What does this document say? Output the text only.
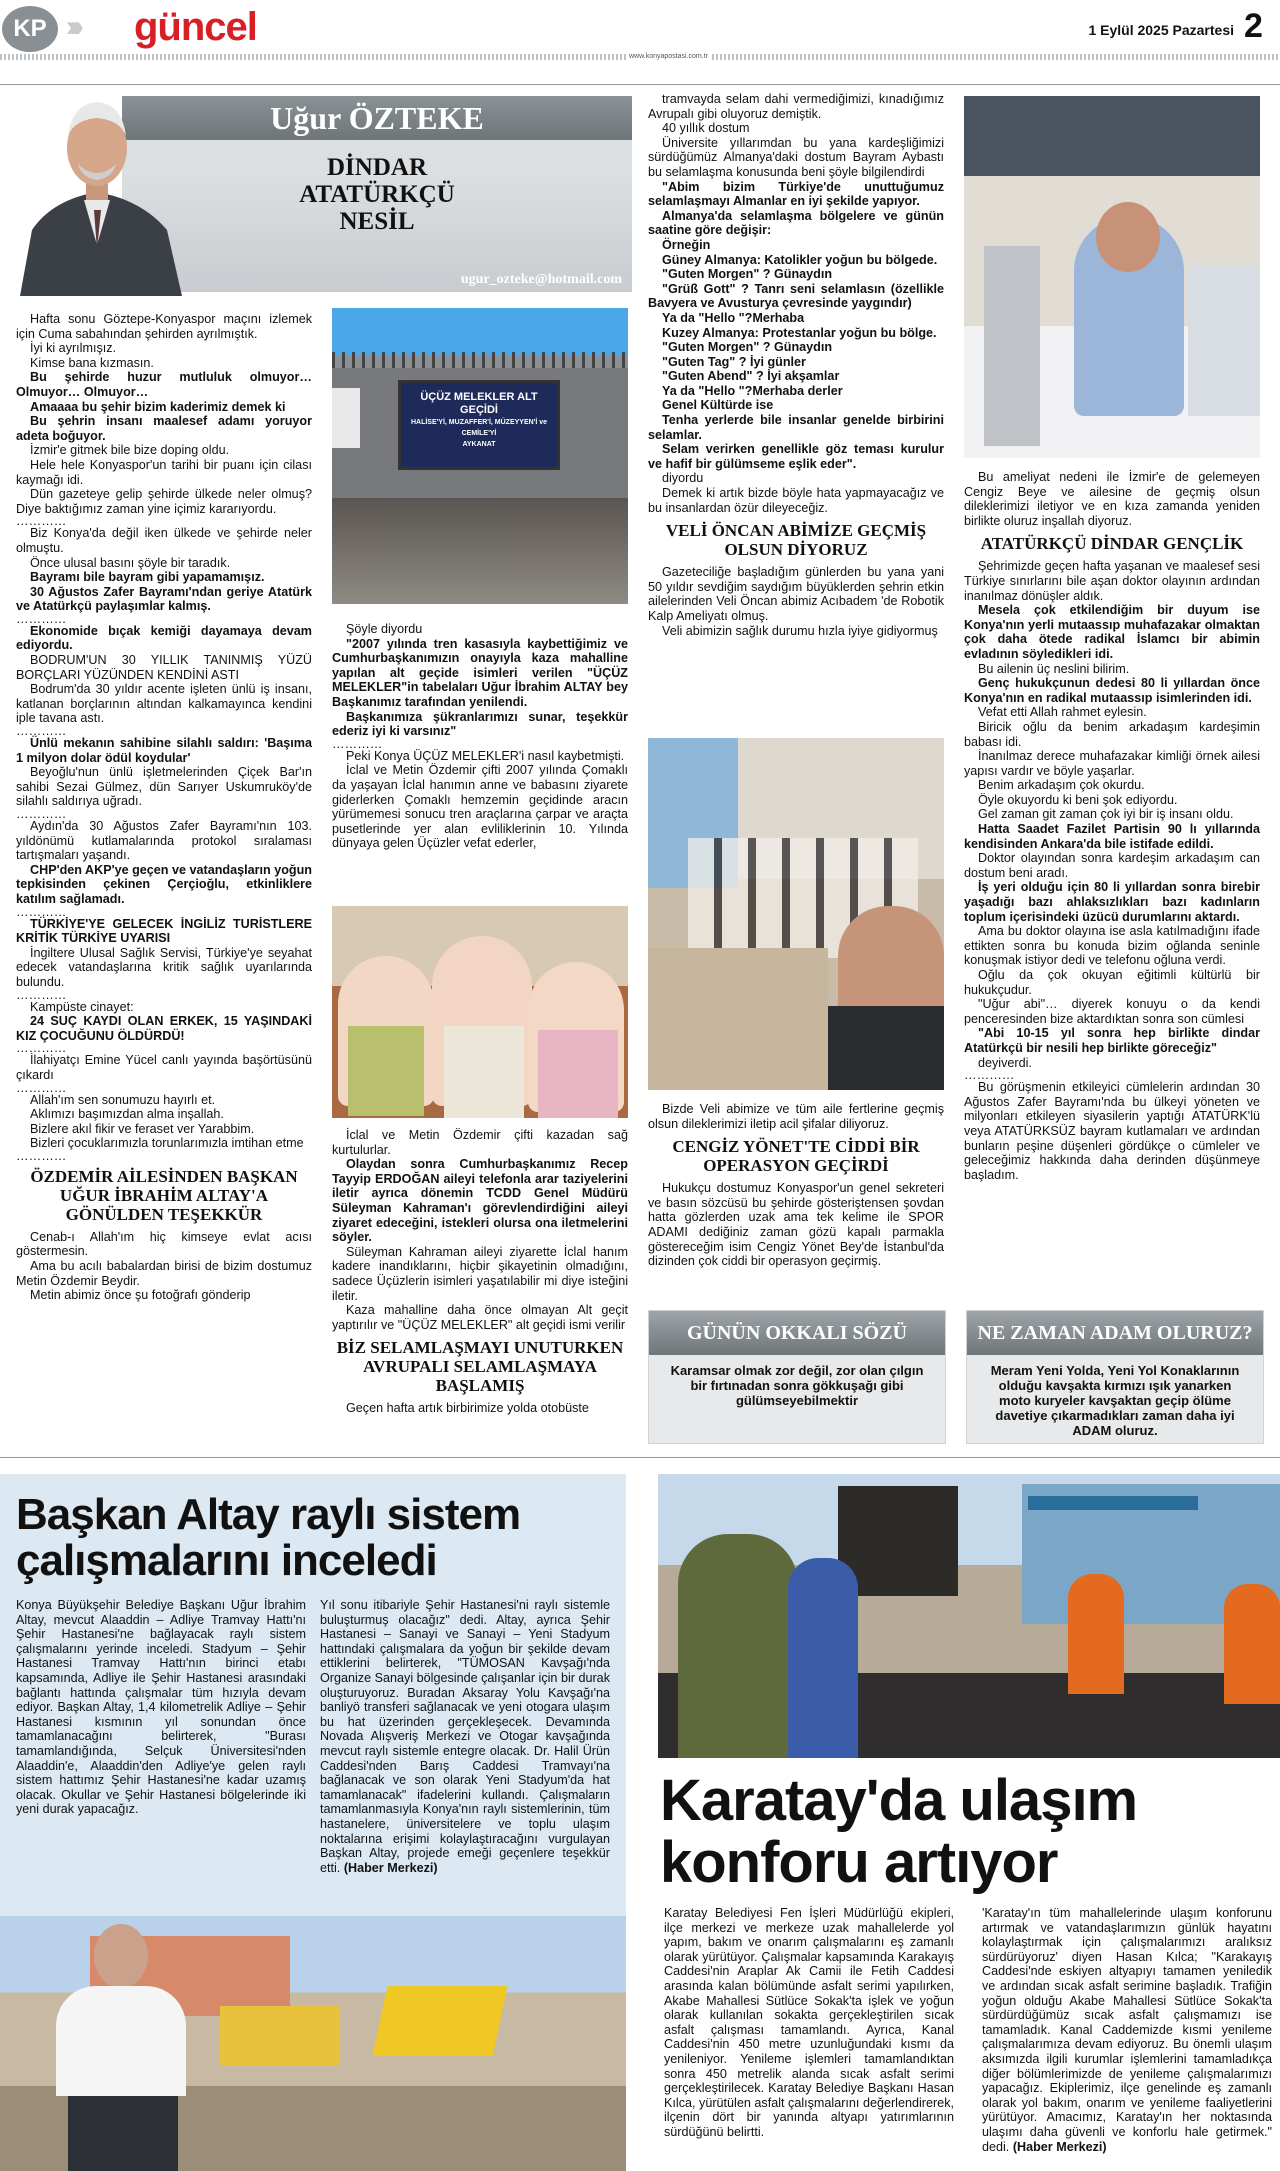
KP ››› güncel	1 Eylül 2025 Pazartesi 2
www.konyapostasi.com.tr
Uğur ÖZTEKE
DİNDAR
ATATÜRKÇÜ
NESİL
ugur_ozteke@hotmail.com

Hafta sonu Göztepe-Konyaspor maçını izlemek için Cuma sabahından şehirden ayrılmıştık.

İyi ki ayrılmışız.

Kimse bana kızmasın.

Bu şehirde huzur mutluluk olmuyor…Olmuyor… Olmuyor…

Amaaaa bu şehir bizim kaderimiz demek ki

Bu şehrin insanı maalesef adamı yoruyor adeta boğuyor.

İzmir'e gitmek bile bize doping oldu.

Hele hele Konyaspor'un tarihi bir puanı için cilası kaymağı idi.

Dün gazeteye gelip şehirde ülkede neler olmuş? Diye baktığımız zaman yine içimiz kararıyordu.

…………

Biz Konya'da değil iken ülkede ve şehirde neler olmuştu.

Önce ulusal basını şöyle bir taradık.

Bayramı bile bayram gibi yapamamışız.

30 Ağustos Zafer Bayramı'ndan geriye Atatürk ve Atatürkçü paylaşımlar kalmış.

…………

Ekonomide bıçak kemiği dayamaya devam ediyordu.

BODRUM'UN 30 YILLIK TANINMIŞ YÜZÜ BORÇLARI YÜZÜNDEN KENDİNİ ASTI

Bodrum'da 30 yıldır acente işleten ünlü iş insanı, katlanan borçlarının altından kalkamayınca kendini iple tavana astı.

…………

Ünlü mekanın sahibine silahlı saldırı: 'Başıma 1 milyon dolar ödül koydular'

Beyoğlu'nun ünlü işletmelerinden Çiçek Bar'ın sahibi Sezai Gülmez, dün Sarıyer Uskumruköy'de silahlı saldırıya uğradı.

…………

Aydın'da 30 Ağustos Zafer Bayramı'nın 103. yıldönümü kutlamalarında protokol sıralaması tartışmaları yaşandı.

CHP'den AKP'ye geçen ve vatandaşların yoğun tepkisinden çekinen Çerçioğlu, etkinliklere katılım sağlamadı.

…………

TÜRKİYE'YE GELECEK İNGİLİZ TURİSTLERE KRİTİK TÜRKİYE UYARISI

İngiltere Ulusal Sağlık Servisi, Türkiye'ye seyahat edecek vatandaşlarına kritik sağlık uyarılarında bulundu.

…………

Kampüste cinayet:

24 SUÇ KAYDI OLAN ERKEK, 15 YAŞINDAKİ KIZ ÇOCUĞUNU ÖLDÜRDÜ!

…………

İlahiyatçı Emine Yücel canlı yayında başörtüsünü çıkardı

…………

Allah'ım sen sonumuzu hayırlı et.

Aklımızı başımızdan alma inşallah.

Bizlere akıl fikir ve feraset ver Yarabbim.

Bizleri çocuklarımızla torunlarımızla imtihan etme

…………

ÖZDEMİR AİLESİNDEN BAŞKAN UĞUR İBRAHİM ALTAY'A GÖNÜLDEN TEŞEKKÜR

Cenab-ı Allah'ım hiç kimseye evlat acısı göstermesin.

Ama bu acılı babalardan birisi de bizim dostumuz Metin Özdemir Beydir.

Metin abimiz önce şu fotoğrafı gönderip

ÜÇÜZ MELEKLER ALT GEÇİDİ
HALİSE'Yİ, MUZAFFER'İ, MÜZEYYEN'İ ve
CEMİLE'Yİ
AYKANAT

Şöyle diyordu

"2007 yılında tren kasasıyla kaybettiğimiz ve Cumhurbaşkanımızın onayıyla kaza mahalline yapılan alt geçide isimleri verilen "ÜÇÜZ MELEKLER"in tabelaları Uğur İbrahim ALTAY bey Başkanımız tarafından yenilendi.

Başkanımıza şükranlarımızı sunar, teşekkür ederiz iyi ki varsınız"

…………

Peki Konya ÜÇÜZ MELEKLER'i nasıl kaybetmişti.

İclal ve Metin Özdemir çifti 2007 yılında Çomaklı da yaşayan İclal hanımın anne ve babasını ziyarete giderlerken Çomaklı hemzemin geçidinde aracın yürümemesi sonucu tren araçlarına çarpar ve araçta pusetlerinde yer alan evliliklerinin 10. Yılında dünyaya gelen Üçüzler vefat ederler,

İclal ve Metin Özdemir çifti kazadan sağ kurtulurlar.

Olaydan sonra Cumhurbaşkanımız Recep Tayyip ERDOĞAN aileyi telefonla arar taziyelerini iletir ayrıca dönemin TCDD Genel Müdürü Süleyman Kahraman'ı görevlendirdiğini aileyi ziyaret edeceğini, istekleri olursa ona iletmelerini söyler.

Süleyman Kahraman aileyi ziyarette İclal hanım kadere inandıklarını, hiçbir şikayetinin olmadığını, sadece Üçüzlerin isimleri yaşatılabilir mi diye isteğini iletir.

Kaza mahalline daha önce olmayan Alt geçit yaptırılır ve "ÜÇÜZ MELEKLER" alt geçidi ismi verilir

BİZ SELAMLAŞMAYI UNUTURKEN AVRUPALI SELAMLAŞMAYA BAŞLAMIŞ

Geçen hafta artık birbirimize yolda otobüste

tramvayda selam dahi vermediğimizi, kınadığımız Avrupalı gibi oluyoruz demiştik.

40 yıllık dostum

Üniversite yıllarımdan bu yana kardeşliğimizi sürdüğümüz Almanya'daki dostum Bayram Aybastı bu selamlaşma konusunda beni şöyle bilgilendirdi

"Abim bizim Türkiye'de unuttuğumuz selamlaşmayı Almanlar en iyi şekilde yapıyor.

Almanya'da selamlaşma bölgelere ve günün saatine göre değişir:

Örneğin

Güney Almanya: Katolikler yoğun bu bölgede.

"Guten Morgen" ? Günaydın

"Grüß Gott" ? Tanrı seni selamlasın (özellikle Bavyera ve Avusturya çevresinde yaygındır)

Ya da "Hello "?Merhaba

Kuzey Almanya: Protestanlar yoğun bu bölge.

"Guten Morgen" ? Günaydın

"Guten Tag" ? İyi günler

"Guten Abend" ? İyi akşamlar

Ya da "Hello "?Merhaba derler

Genel Kültürde ise

Tenha yerlerde bile insanlar genelde birbirini selamlar.

Selam verirken genellikle göz teması kurulur ve hafif bir gülümseme eşlik eder".

diyordu

Demek ki artık bizde böyle hata yapmayacağız ve bu insanlardan özür dileyeceğiz.

VELİ ÖNCAN ABİMİZE GEÇMİŞ OLSUN DİYORUZ

Gazeteciliğe başladığım günlerden bu yana yani 50 yıldır sevdiğim saydığım büyüklerden şehrin etkin ailelerinden Veli Öncan abimiz Acıbadem 'de Robotik Kalp Ameliyatı olmuş.

Veli abimizin sağlık durumu hızla iyiye gidiyormuş

Bizde Veli abimize ve tüm aile fertlerine geçmiş olsun dileklerimizi iletip acil şifalar diliyoruz.

CENGİZ YÖNET'TE CİDDİ BİR OPERASYON GEÇİRDİ

Hukukçu dostumuz Konyaspor'un genel sekreteri ve basın sözcüsü bu şehirde gösteriştensen şovdan hatta gözlerden uzak ama tek kelime ile SPOR ADAMI dediğiniz zaman gözü kapalı parmakla göstereceğim isim Cengiz Yönet Bey'de İstanbul'da dizinden çok ciddi bir operasyon geçirmiş.

Bu ameliyat nedeni ile İzmir'e de gelemeyen Cengiz Beye ve ailesine de geçmiş olsun dileklerimizi iletiyor ve en kıza zamanda yeniden birlikte oluruz inşallah diyoruz.

ATATÜRKÇÜ DİNDAR GENÇLİK

Şehrimizde geçen hafta yaşanan ve maalesef sesi Türkiye sınırlarını bile aşan doktor olayının ardından inanılmaz dönüşler aldık.

Mesela çok etkilendiğim bir duyum ise Konya'nın yerli mutaassıp muhafazakar olmaktan çok daha ötede radikal İslamcı bir abimin evladının söyledikleri idi.

Bu ailenin üç neslini bilirim.

Genç hukukçunun dedesi 80 li yıllardan önce Konya'nın en radikal mutaassıp isimlerinden idi.

Vefat etti Allah rahmet eylesin.

Biricik oğlu da benim arkadaşım kardeşimin babası idi.

İnanılmaz derece muhafazakar kimliği örnek ailesi yapısı vardır ve böyle yaşarlar.

Benim arkadaşım çok okurdu.

Öyle okuyordu ki beni şok ediyordu.

Gel zaman git zaman çok iyi bir iş insanı oldu.

Hatta Saadet Fazilet Partisin 90 lı yıllarında kendisinden Ankara'da bile istifade edildi.

Doktor olayından sonra kardeşim arkadaşım can dostum beni aradı.

İş yeri olduğu için 80 li yıllardan sonra birebir yaşadığı bazı ahlaksızlıkları bazı kadınların toplum içerisindeki üzücü durumlarını aktardı.

Ama bu doktor olayına ise asla katılmadığını ifade ettikten sonra bu konuda bizim oğlanda seninle konuşmak istiyor dedi ve telefonu oğluna verdi.

Oğlu da çok okuyan eğitimli kültürlü bir hukukçudur.

"Uğur abi"… diyerek konuyu o da kendi penceresinden bize aktardıktan sonra son cümlesi

"Abi 10-15 yıl sonra hep birlikte dindar Atatürkçü bir nesili hep birlikte göreceğiz"

deyiverdi.

…………

Bu görüşmenin etkileyici cümlelerin ardından 30 Ağustos Zafer Bayramı'nda bu ülkeyi yöneten ve milyonları etkileyen siyasilerin yaptığı ATATÜRK'lü veya ATATÜRKSÜZ bayram kutlamaları ve ardından bunların peşine düşenleri gördükçe o cümleler ve geleceğimiz hakkında daha derinden düşünmeye başladım.

GÜNÜN OKKALI SÖZÜ
Karamsar olmak zor değil, zor olan çılgın bir fırtınadan sonra gökkuşağı gibi gülümseyebilmektir
NE ZAMAN ADAM OLURUZ?
Meram Yeni Yolda, Yeni Yol Konaklarının olduğu kavşakta kırmızı ışık yanarken moto kuryeler kavşaktan geçip ölüme davetiye çıkarmadıkları zaman daha iyi ADAM oluruz.
Başkan Altay raylı sistem
çalışmalarını inceledi
Konya Büyükşehir Belediye Başkanı Uğur İbrahim Altay, mevcut Alaaddin – Adliye Tramvay Hattı'nı Şehir Hastanesi'ne bağlayacak raylı sistem çalışmalarını yerinde inceledi. Stadyum – Şehir Hastanesi Tramvay Hattı'nın birinci etabı kapsamında, Adliye ile Şehir Hastanesi arasındaki bağlantı hattında çalışmalar tüm hızıyla devam ediyor. Başkan Altay, 1,4 kilometrelik Adliye – Şehir Hastanesi kısmının yıl sonundan önce tamamlanacağını belirterek, "Burası tamamlandığında, Selçuk Üniversitesi'nden Alaaddin'e, Alaaddin'den Adliye'ye gelen raylı sistem hattımız Şehir Hastanesi'ne kadar uzamış olacak. Okullar ve Şehir Hastanesi bölgelerinde iki yeni durak yapacağız.
Yıl sonu itibariyle Şehir Hastanesi'ni raylı sistemle buluşturmuş olacağız" dedi. Altay, ayrıca Şehir Hastanesi – Sanayi ve Sanayi – Yeni Stadyum hattındaki çalışmalara da yoğun bir şekilde devam ettiklerini belirterek, "TÜMOSAN Kavşağı'nda Organize Sanayi bölgesinde çalışanlar için bir durak oluşturuyoruz. Buradan Aksaray Yolu Kavşağı'na banliyö transferi sağlanacak ve yeni otogara ulaşım bu hat üzerinden gerçekleşecek. Devamında Novada Alışveriş Merkezi ve Otogar kavşağında mevcut raylı sistemle entegre olacak. Dr. Halil Ürün Caddesi'nden Barış Caddesi Tramvayı'na bağlanacak ve son olarak Yeni Stadyum'da hat tamamlanacak" ifadelerini kullandı. Çalışmaların tamamlanmasıyla Konya'nın raylı sistemlerinin, tüm hastanelere, üniversitelere ve toplu ulaşım noktalarına erişimi kolaylaştıracağını vurgulayan Başkan Altay, projede emeği geçenlere teşekkür etti. (Haber Merkezi)
Karatay'da ulaşım
konforu artıyor
Karatay Belediyesi Fen İşleri Müdürlüğü ekipleri, ilçe merkezi ve merkeze uzak mahallelerde yol yapım, bakım ve onarım çalışmalarını eş zamanlı olarak yürütüyor. Çalışmalar kapsamında Karakayış Caddesi'nin Araplar Ak Camii ile Fetih Caddesi arasında kalan bölümünde asfalt serimi yapılırken, Akabe Mahallesi Sütlüce Sokak'ta işlek ve yoğun olarak kullanılan sokakta gerçekleştirilen sıcak asfalt çalışması tamamlandı. Ayrıca, Kanal Caddesi'nin 450 metre uzunluğundaki kısmı da yenileniyor. Yenileme işlemleri tamamlandıktan sonra 450 metrelik alanda sıcak asfalt serimi gerçekleştirilecek. Karatay Belediye Başkanı Hasan Kılca, yürütülen asfalt çalışmalarını değerlendirerek, ilçenin dört bir yanında altyapı yatırımlarının sürdüğünü belirtti.
'Karatay'ın tüm mahallelerinde ulaşım konforunu artırmak ve vatandaşlarımızın günlük hayatını kolaylaştırmak için çalışmalarımızı aralıksız sürdürüyoruz' diyen Hasan Kılca; "Karakayış Caddesi'nde eskiyen altyapıyı tamamen yeniledik ve ardından sıcak asfalt serimine başladık. Trafiğin yoğun olduğu Akabe Mahallesi Sütlüce Sokak'ta sürdürdüğümüz sıcak asfalt çalışmamızı ise tamamladık. Kanal Caddemizde kısmi yenileme çalışmalarımıza devam ediyoruz. Bu önemli ulaşım aksımızda ilgili kurumlar işlemlerini tamamladıkça diğer bölümlerimizde de yenileme çalışmalarımızı yapacağız. Ekiplerimiz, ilçe genelinde eş zamanlı olarak yol bakım, onarım ve yenileme faaliyetlerini yürütüyor. Amacımız, Karatay'ın her noktasında ulaşımı daha güvenli ve konforlu hale getirmek." dedi. (Haber Merkezi)
